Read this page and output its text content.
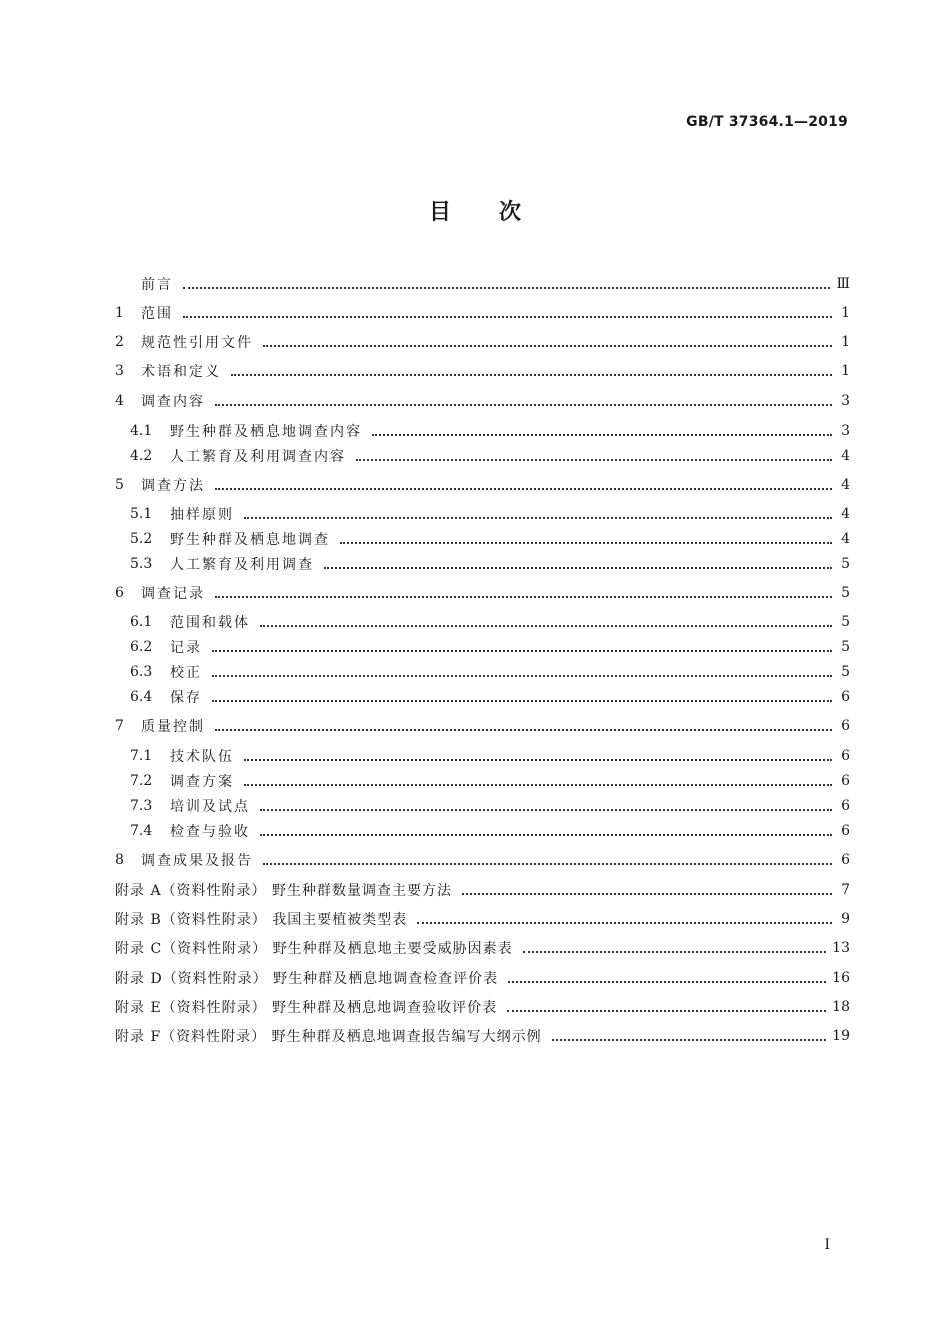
GB/T 37364.1—2019
目 次
前言	Ⅲ
1	范围	1
2	规范性引用文件	1
3	术语和定义	1
4	调查内容	3
4.1	野生种群及栖息地调查内容	3
4.2	人工繁育及利用调查内容	4
5	调查方法	4
5.1	抽样原则	4
5.2	野生种群及栖息地调查	4
5.3	人工繁育及利用调查	5
6	调查记录	5
6.1	范围和载体	5
6.2	记录	5
6.3	校正	5
6.4	保存	6
7	质量控制	6
7.1	技术队伍	6
7.2	调查方案	6
7.3	培训及试点	6
7.4	检查与验收	6
8	调查成果及报告	6
附录 A（资料性附录） 野生种群数量调查主要方法	7
附录 B（资料性附录） 我国主要植被类型表	9
附录 C（资料性附录） 野生种群及栖息地主要受威胁因素表	13
附录 D（资料性附录） 野生种群及栖息地调查检查评价表	16
附录 E（资料性附录） 野生种群及栖息地调查验收评价表	18
附录 F（资料性附录） 野生种群及栖息地调查报告编写大纲示例	19
I
